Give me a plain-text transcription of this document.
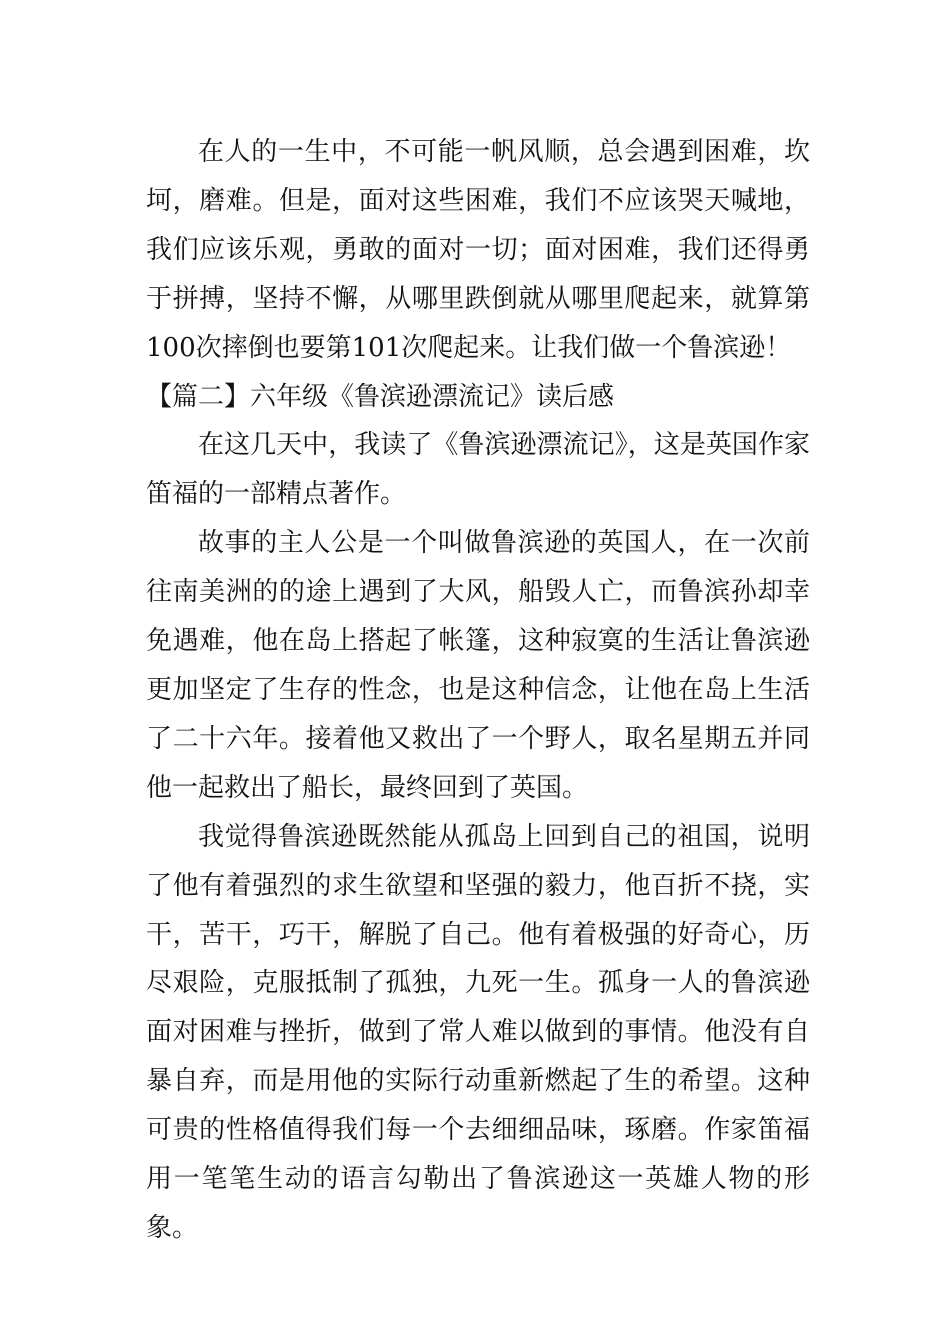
在人的一生中，不可能一帆风顺，总会遇到困难，坎坷，磨难。但是，面对这些困难，我们不应该哭天喊地，我们应该乐观，勇敢的面对一切；面对困难，我们还得勇于拼搏，坚持不懈，从哪里跌倒就从哪里爬起来，就算第100次摔倒也要第101次爬起来。让我们做一个鲁滨逊！

【篇二】六年级《鲁滨逊漂流记》读后感

在这几天中，我读了《鲁滨逊漂流记》，这是英国作家笛福的一部精点著作。

故事的主人公是一个叫做鲁滨逊的英国人，在一次前往南美洲的的途上遇到了大风，船毁人亡，而鲁滨孙却幸免遇难，他在岛上搭起了帐篷，这种寂寞的生活让鲁滨逊更加坚定了生存的性念，也是这种信念，让他在岛上生活了二十六年。接着他又救出了一个野人，取名星期五并同他一起救出了船长，最终回到了英国。

我觉得鲁滨逊既然能从孤岛上回到自己的祖国，说明了他有着强烈的求生欲望和坚强的毅力，他百折不挠，实干，苦干，巧干，解脱了自己。他有着极强的好奇心，历尽艰险，克服抵制了孤独，九死一生。孤身一人的鲁滨逊面对困难与挫折，做到了常人难以做到的事情。他没有自暴自弃，而是用他的实际行动重新燃起了生的希望。这种可贵的性格值得我们每一个去细细品味，琢磨。作家笛福用一笔笔生动的语言勾勒出了鲁滨逊这一英雄人物的形象。
